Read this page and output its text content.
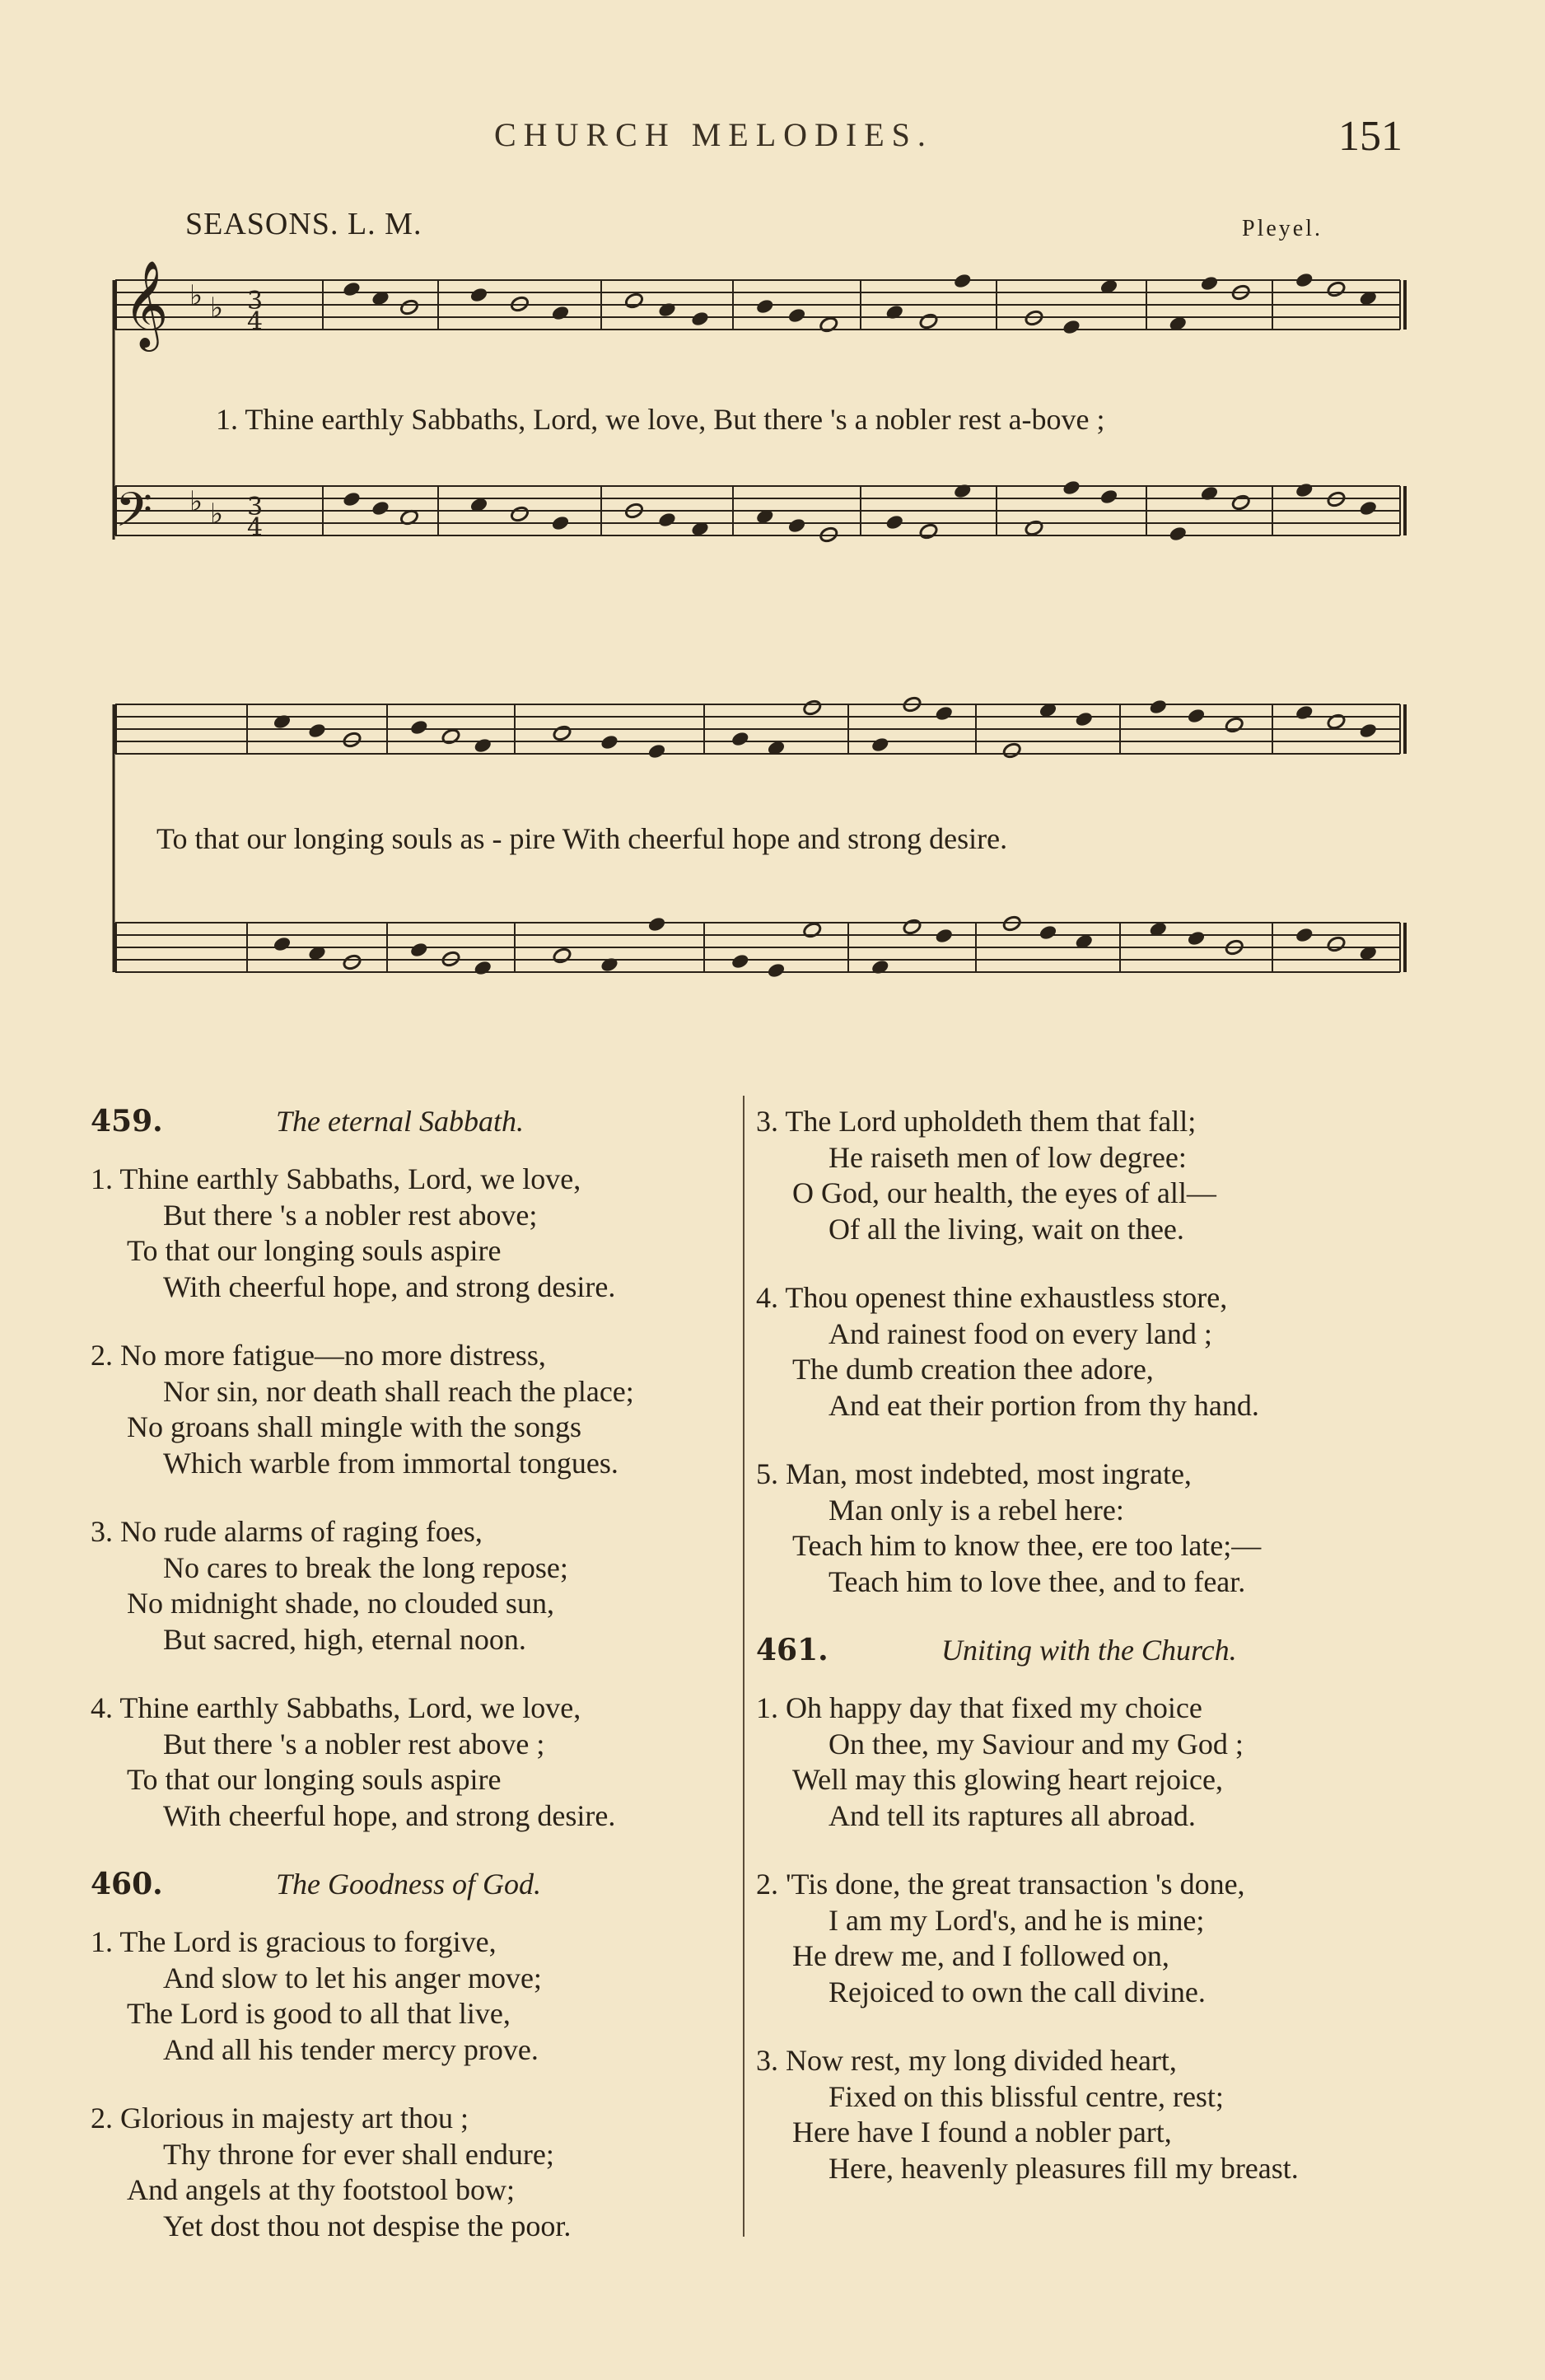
CHURCH MELODIES.	151
SEASONS. L. M.	Pleyel.
𝄞
𝄢
3
4
3
4
♭ ♭
♭ ♭
1. Thine earthly Sabbaths, Lord, we love, But there 's a nobler rest a-bove ;
To that our longing souls as - pire With cheerful hope and strong desire.
459.	The eternal Sabbath.
1. Thine earthly Sabbaths, Lord, we love,
But there 's a nobler rest above;
To that our longing souls aspire
With cheerful hope, and strong desire.
2. No more fatigue—no more distress,
Nor sin, nor death shall reach the place;
No groans shall mingle with the songs
Which warble from immortal tongues.
3. No rude alarms of raging foes,
No cares to break the long repose;
No midnight shade, no clouded sun,
But sacred, high, eternal noon.
4. Thine earthly Sabbaths, Lord, we love,
But there 's a nobler rest above ;
To that our longing souls aspire
With cheerful hope, and strong desire.
460.	The Goodness of God.
1. The Lord is gracious to forgive,
And slow to let his anger move;
The Lord is good to all that live,
And all his tender mercy prove.
2. Glorious in majesty art thou ;
Thy throne for ever shall endure;
And angels at thy footstool bow;
Yet dost thou not despise the poor.
3. The Lord upholdeth them that fall;
He raiseth men of low degree:
O God, our health, the eyes of all—
Of all the living, wait on thee.
4. Thou openest thine exhaustless store,
And rainest food on every land ;
The dumb creation thee adore,
And eat their portion from thy hand.
5. Man, most indebted, most ingrate,
Man only is a rebel here:
Teach him to know thee, ere too late;—
Teach him to love thee, and to fear.
461.	Uniting with the Church.
1. Oh happy day that fixed my choice
On thee, my Saviour and my God ;
Well may this glowing heart rejoice,
And tell its raptures all abroad.
2. 'Tis done, the great transaction 's done,
I am my Lord's, and he is mine;
He drew me, and I followed on,
Rejoiced to own the call divine.
3. Now rest, my long divided heart,
Fixed on this blissful centre, rest;
Here have I found a nobler part,
Here, heavenly pleasures fill my breast.
